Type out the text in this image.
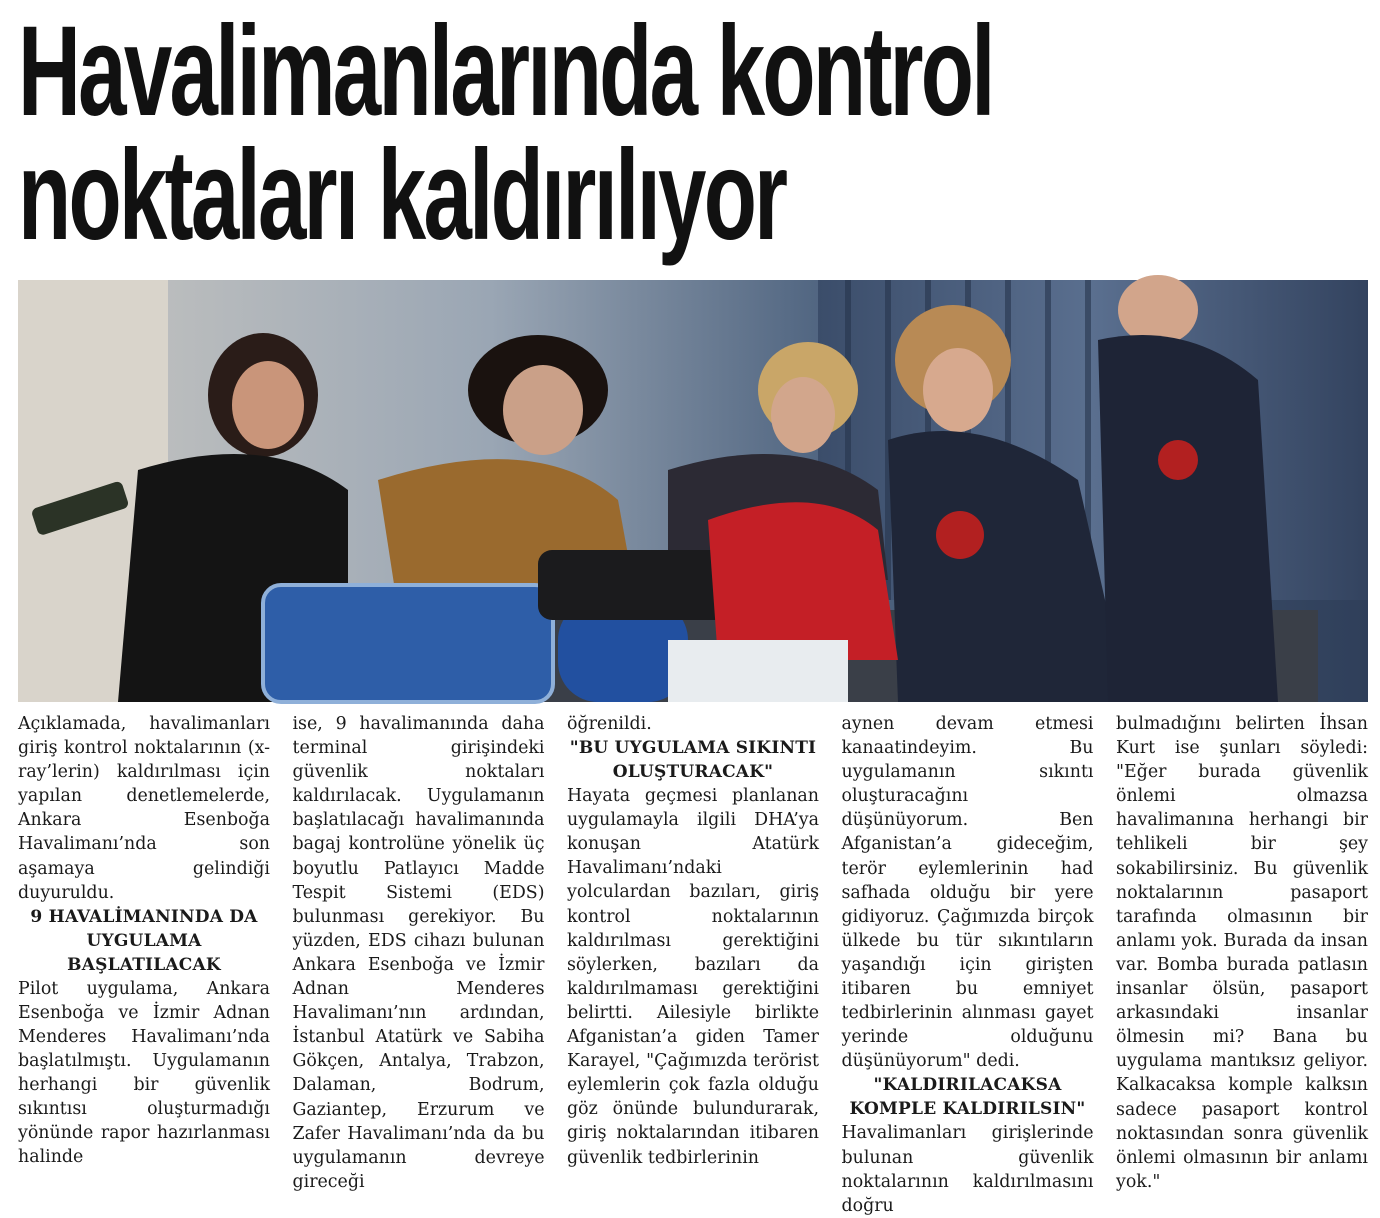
Havalimanlarında kontrol
noktaları kaldırılıyor

Açıklamada, havalimanları giriş kontrol noktalarının (x-ray’lerin) kaldırılması için yapılan denetlemelerde, Ankara Esenboğa Havalimanı’nda son aşamaya gelindiği duyuruldu.

9 HAVALİMANINDA DA UYGULAMA BAŞLATILACAK

Pilot uygulama, Ankara Esenboğa ve İzmir Adnan Menderes Havalimanı’nda başlatılmıştı. Uygulamanın herhangi bir güvenlik sıkıntısı oluşturmadığı yönünde rapor hazırlanması halinde

ise, 9 havalimanında daha terminal girişindeki güvenlik noktaları kaldırılacak. Uygulamanın başlatılacağı havalimanında bagaj kontrolüne yönelik üç boyutlu Patlayıcı Madde Tespit Sistemi (EDS) bulunması gerekiyor. Bu yüzden, EDS cihazı bulunan Ankara Esenboğa ve İzmir Adnan Menderes Havalimanı’nın ardından, İstanbul Atatürk ve Sabiha Gökçen, Antalya, Trabzon, Dalaman, Bodrum, Gaziantep, Erzurum ve Zafer Havalimanı’nda da bu uygulamanın devreye gireceği

öğrenildi.

"BU UYGULAMA SIKINTI OLUŞTURACAK"

Hayata geçmesi planlanan uygulamayla ilgili DHA’ya konuşan Atatürk Havalimanı’ndaki yolculardan bazıları, giriş kontrol noktalarının kaldırılması gerektiğini söylerken, bazıları da kaldırılmaması gerektiğini belirtti. Ailesiyle birlikte Afganistan’a giden Tamer Karayel, "Çağımızda terörist eylemlerin çok fazla olduğu göz önünde bulundurarak, giriş noktalarından itibaren güvenlik tedbirlerinin

aynen devam etmesi kanaatindeyim. Bu uygulamanın sıkıntı oluşturacağını düşünüyorum. Ben Afganistan’a gideceğim, terör eylemlerinin had safhada olduğu bir yere gidiyoruz. Çağımızda birçok ülkede bu tür sıkıntıların yaşandığı için girişten itibaren bu emniyet tedbirlerinin alınması gayet yerinde olduğunu düşünüyorum" dedi.

"KALDIRILACAKSA KOMPLE KALDIRILSIN"

Havalimanları girişlerinde bulunan güvenlik noktalarının kaldırılmasını doğru

bulmadığını belirten İhsan Kurt ise şunları söyledi: "Eğer burada güvenlik önlemi olmazsa havalimanına herhangi bir tehlikeli bir şey sokabilirsiniz. Bu güvenlik noktalarının pasaport tarafında olmasının bir anlamı yok. Burada da insan var. Bomba burada patlasın insanlar ölsün, pasaport arkasındaki insanlar ölmesin mi? Bana bu uygulama mantıksız geliyor. Kalkacaksa komple kalksın sadece pasaport kontrol noktasından sonra güvenlik önlemi olmasının bir anlamı yok."
